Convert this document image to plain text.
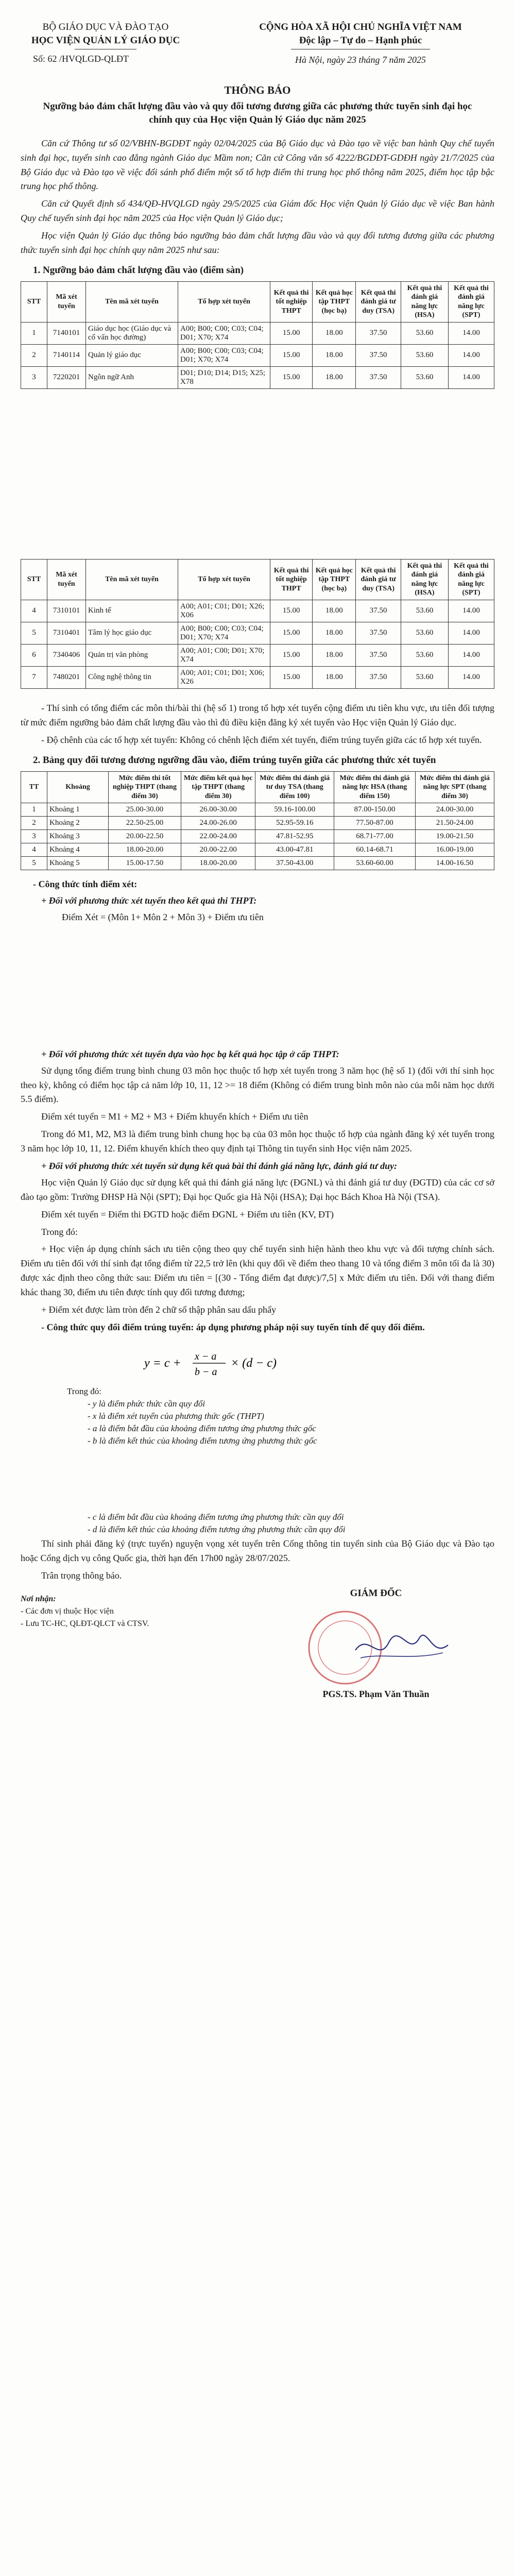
BỘ GIÁO DỤC VÀ ĐÀO TẠO
HỌC VIỆN QUẢN LÝ GIÁO DỤC
Số: 62 /HVQLGD-QLĐT
CỘNG HÒA XÃ HỘI CHỦ NGHĨA VIỆT NAM
Độc lập – Tự do – Hạnh phúc
Hà Nội, ngày 23 tháng 7 năm 2025
THÔNG BÁO
Ngưỡng bảo đảm chất lượng đầu vào và quy đổi tương đương giữa các phương thức tuyển sinh đại học chính quy của Học viện Quản lý Giáo dục năm 2025

Căn cứ Thông tư số 02/VBHN-BGDĐT ngày 02/04/2025 của Bộ Giáo dục và Đào tạo về việc ban hành Quy chế tuyển sinh đại học, tuyển sinh cao đẳng ngành Giáo dục Mầm non; Căn cứ Công văn số 4222/BGDĐT-GDĐH ngày 21/7/2025 của Bộ Giáo dục và Đào tạo về việc đổi sánh phổ điểm một số tổ hợp điểm thi trung học phổ thông năm 2025, điểm học tập bậc trung học phổ thông.

Căn cứ Quyết định số 434/QĐ-HVQLGD ngày 29/5/2025 của Giám đốc Học viện Quản lý Giáo dục về việc Ban hành Quy chế tuyển sinh đại học năm 2025 của Học viện Quản lý Giáo dục;

Học viện Quản lý Giáo dục thông báo ngưỡng bảo đảm chất lượng đầu vào và quy đổi tương đương giữa các phương thức tuyển sinh đại học chính quy năm 2025 như sau:

1. Ngưỡng bảo đảm chất lượng đầu vào (điểm sàn)
STT	Mã xét tuyển	Tên mã xét tuyển	Tổ hợp xét tuyển	Kết quả thi tốt nghiệp THPT	Kết quả học tập THPT (học bạ)	Kết quả thi đánh giá tư duy (TSA)	Kết quả thi đánh giá năng lực (HSA)	Kết quả thi đánh giá năng lực (SPT)
1	7140101	Giáo dục học (Giáo dục và cố vấn học đường)	A00; B00; C00; C03; C04; D01; X70; X74	15.00	18.00	37.50	53.60	14.00
2	7140114	Quản lý giáo dục	A00; B00; C00; C03; C04; D01; X70; X74	15.00	18.00	37.50	53.60	14.00
3	7220201	Ngôn ngữ Anh	D01; D10; D14; D15; X25; X78	15.00	18.00	37.50	53.60	14.00
STT	Mã xét tuyển	Tên mã xét tuyển	Tổ hợp xét tuyển	Kết quả thi tốt nghiệp THPT	Kết quả học tập THPT (học bạ)	Kết quả thi đánh giá tư duy (TSA)	Kết quả thi đánh giá năng lực (HSA)	Kết quả thi đánh giá năng lực (SPT)
4	7310101	Kinh tế	A00; A01; C01; D01; X26; X06	15.00	18.00	37.50	53.60	14.00
5	7310401	Tâm lý học giáo dục	A00; B00; C00; C03; C04; D01; X70; X74	15.00	18.00	37.50	53.60	14.00
6	7340406	Quản trị văn phòng	A00; A01; C00; D01; X70; X74	15.00	18.00	37.50	53.60	14.00
7	7480201	Công nghệ thông tin	A00; A01; C01; D01; X06; X26	15.00	18.00	37.50	53.60	14.00

- Thí sinh có tổng điểm các môn thi/bài thi (hệ số 1) trong tổ hợp xét tuyển cộng điểm ưu tiên khu vực, ưu tiên đối tượng từ mức điểm ngưỡng bảo đảm chất lượng đầu vào thì đủ điều kiện đăng ký xét tuyển vào Học viện Quản lý Giáo dục.

- Độ chênh của các tổ hợp xét tuyển: Không có chênh lệch điểm xét tuyển, điểm trúng tuyển giữa các tổ hợp xét tuyển.

2. Bảng quy đổi tương đương ngưỡng đầu vào, điểm trúng tuyển giữa các phương thức xét tuyển
TT	Khoảng	Mức điểm thi tốt nghiệp THPT (thang điểm 30)	Mức điểm kết quả học tập THPT (thang điểm 30)	Mức điểm thi đánh giá tư duy TSA (thang điểm 100)	Mức điểm thi đánh giá năng lực HSA (thang điểm 150)	Mức điểm thi đánh giá năng lực SPT (thang điểm 30)
1	Khoảng 1	25.00-30.00	26.00-30.00	59.16-100.00	87.00-150.00	24.00-30.00
2	Khoảng 2	22.50-25.00	24.00-26.00	52.95-59.16	77.50-87.00	21.50-24.00
3	Khoảng 3	20.00-22.50	22.00-24.00	47.81-52.95	68.71-77.00	19.00-21.50
4	Khoảng 4	18.00-20.00	20.00-22.00	43.00-47.81	60.14-68.71	16.00-19.00
5	Khoảng 5	15.00-17.50	18.00-20.00	37.50-43.00	53.60-60.00	14.00-16.50
- Công thức tính điểm xét:
+ Đối với phương thức xét tuyển theo kết quả thi THPT:
Điểm Xét = (Môn 1+ Môn 2 + Môn 3) + Điểm ưu tiên
+ Đối với phương thức xét tuyển dựa vào học bạ kết quả học tập ở cấp THPT:

Sử dụng tổng điểm trung bình chung 03 môn học thuộc tổ hợp xét tuyển trong 3 năm học (hệ số 1) (đối với thí sinh học theo kỳ, không có điểm học tập cả năm lớp 10, 11, 12 >= 18 điểm (Không có điểm trung bình môn nào của mỗi năm học dưới 5.5 điểm).

Điểm xét tuyển = M1 + M2 + M3 + Điểm khuyến khích + Điểm ưu tiên

Trong đó M1, M2, M3 là điểm trung bình chung học bạ của 03 môn học thuộc tổ hợp của ngành đăng ký xét tuyển trong 3 năm học lớp 10, 11, 12. Điểm khuyến khích theo quy định tại Thông tin tuyển sinh Học viện năm 2025.

+ Đối với phương thức xét tuyển sử dụng kết quả bài thi đánh giá năng lực, đánh giá tư duy:

Học viện Quản lý Giáo dục sử dụng kết quả thi đánh giá năng lực (ĐGNL) và thi đánh giá tư duy (ĐGTD) của các cơ sở đào tạo gồm: Trường ĐHSP Hà Nội (SPT); Đại học Quốc gia Hà Nội (HSA); Đại học Bách Khoa Hà Nội (TSA).

Điểm xét tuyển = Điểm thi ĐGTD hoặc điểm ĐGNL + Điểm ưu tiên (KV, ĐT)

Trong đó:

+ Học viện áp dụng chính sách ưu tiên cộng theo quy chế tuyển sinh hiện hành theo khu vực và đối tượng chính sách. Điểm ưu tiên đối với thí sinh đạt tổng điểm từ 22,5 trở lên (khi quy đổi về điểm theo thang 10 và tổng điểm 3 môn tối đa là 30) được xác định theo công thức sau: Điểm ưu tiên = [(30 - Tổng điểm đạt được)/7,5] x Mức điểm ưu tiên. Đối với thang điểm khác thang 30, điểm ưu tiên được tính quy đổi tương đương;

+ Điểm xét được làm tròn đến 2 chữ số thập phân sau dấu phẩy

- Công thức quy đổi điểm trúng tuyển: áp dụng phương pháp nội suy tuyến tính để quy đổi điểm.

y = c + x − a
b − a
× (d − c)

Trong đó:

- y là điểm phức thức cần quy đổi

- x là điểm xét tuyển của phương thức gốc (THPT)

- a là điểm bắt đầu của khoảng điểm tương ứng phương thức gốc

- b là điểm kết thúc của khoảng điểm tương ứng phương thức gốc

- c là điểm bắt đầu của khoảng điểm tương ứng phương thức cần quy đổi

- d là điểm kết thúc của khoảng điểm tương ứng phương thức cần quy đổi

Thí sinh phải đăng ký (trực tuyến) nguyện vọng xét tuyển trên Cổng thông tin tuyển sinh của Bộ Giáo dục và Đào tạo hoặc Cổng dịch vụ công Quốc gia, thời hạn đến 17h00 ngày 28/07/2025.

Trân trọng thông báo.

Nơi nhận:
- Các đơn vị thuộc Học viện
- Lưu TC-HC, QLĐT-QLCT và CTSV.
GIÁM ĐỐC
PGS.TS. Phạm Văn Thuần
